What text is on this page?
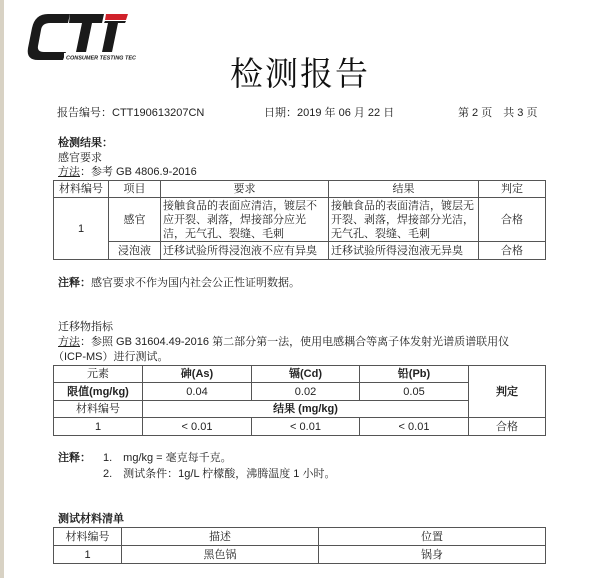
CONSUMER TESTING TECH	检测报告
报告编号：CTT190613207CN	日期：2019 年 06 月 22 日	第 2 页　共 3 页
检测结果：
感官要求
方法：参考 GB 4806.9-2016
材料编号	项目	要求	结果	判定
1	感官	接触食品的表面应清洁，镀层不应开裂、剥落，焊接部分应光洁，无气孔、裂缝、毛刺	接触食品的表面清洁，镀层无开裂、剥落，焊接部分光洁，无气孔、裂缝、毛刺	合格
	浸泡液	迁移试验所得浸泡液不应有异臭	迁移试验所得浸泡液无异臭	合格
注释：感官要求不作为国内社会公正性证明数据。
迁移物指标
方法：参照 GB 31604.49-2016 第二部分第一法，使用电感耦合等离子体发射光谱质谱联用仪
（ICP-MS）进行测试。
元素	砷(As)	镉(Cd)	铅(Pb)	判定
限值(mg/kg)	0.04	0.02	0.05	
材料编号	结果 (mg/kg)			
1	< 0.01	< 0.01	< 0.01	合格
注释： 1.　mg/kg = 毫克每千克。
2.　测试条件：1g/L 柠檬酸，沸腾温度 1 小时。
测试材料清单
材料编号	描述	位置
1	黑色锅	锅身
